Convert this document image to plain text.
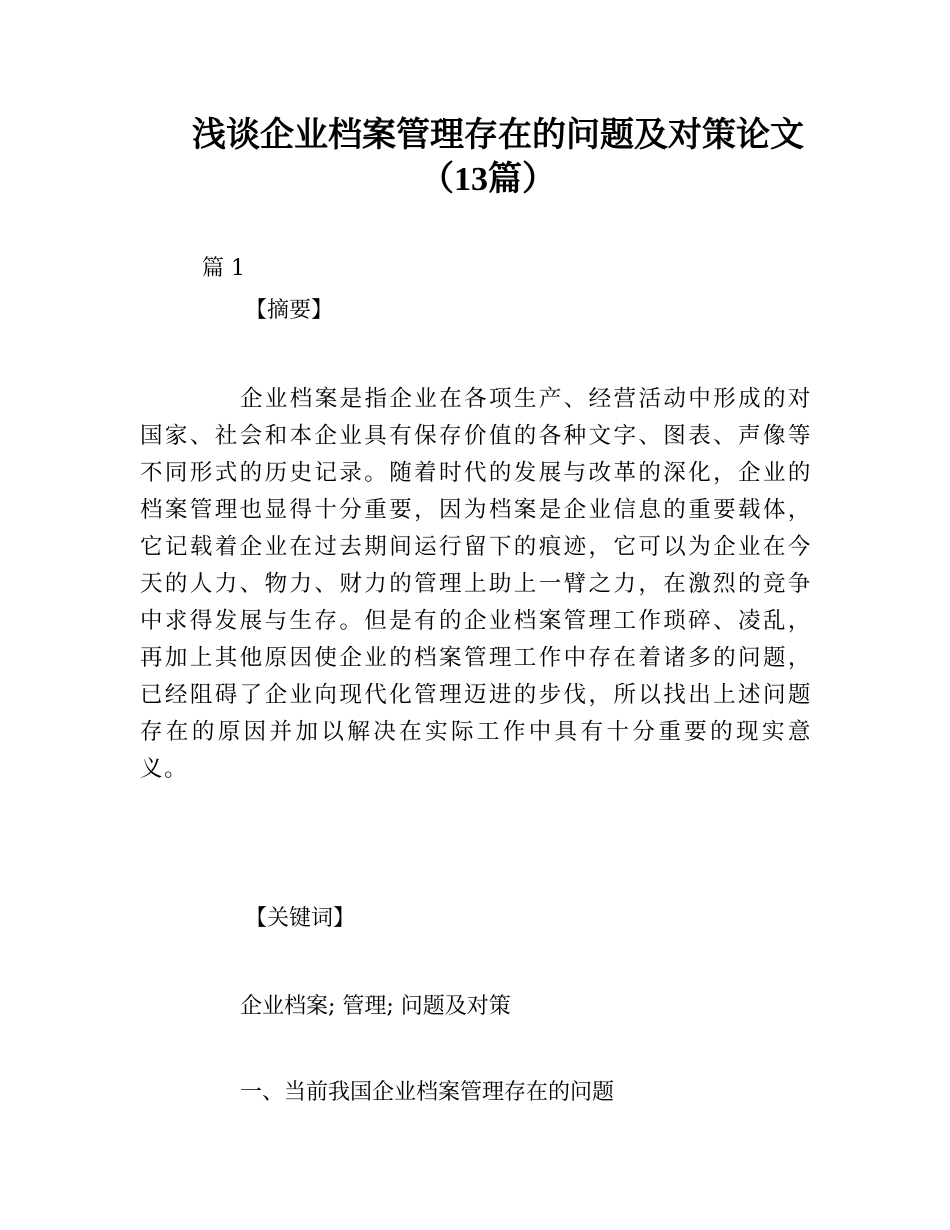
浅谈企业档案管理存在的问题及对策论文
（13篇）

篇 1

【摘要】

企业档案是指企业在各项生产、经营活动中形成的对国家、社会和本企业具有保存价值的各种文字、图表、声像等不同形式的历史记录。随着时代的发展与改革的深化，企业的档案管理也显得十分重要，因为档案是企业信息的重要载体，它记载着企业在过去期间运行留下的痕迹，它可以为企业在今天的人力、物力、财力的管理上助上一臂之力，在激烈的竞争中求得发展与生存。但是有的企业档案管理工作琐碎、凌乱，再加上其他原因使企业的档案管理工作中存在着诸多的问题，已经阻碍了企业向现代化管理迈进的步伐，所以找出上述问题存在的原因并加以解决在实际工作中具有十分重要的现实意义。

【关键词】

企业档案; 管理; 问题及对策

一、当前我国企业档案管理存在的问题
